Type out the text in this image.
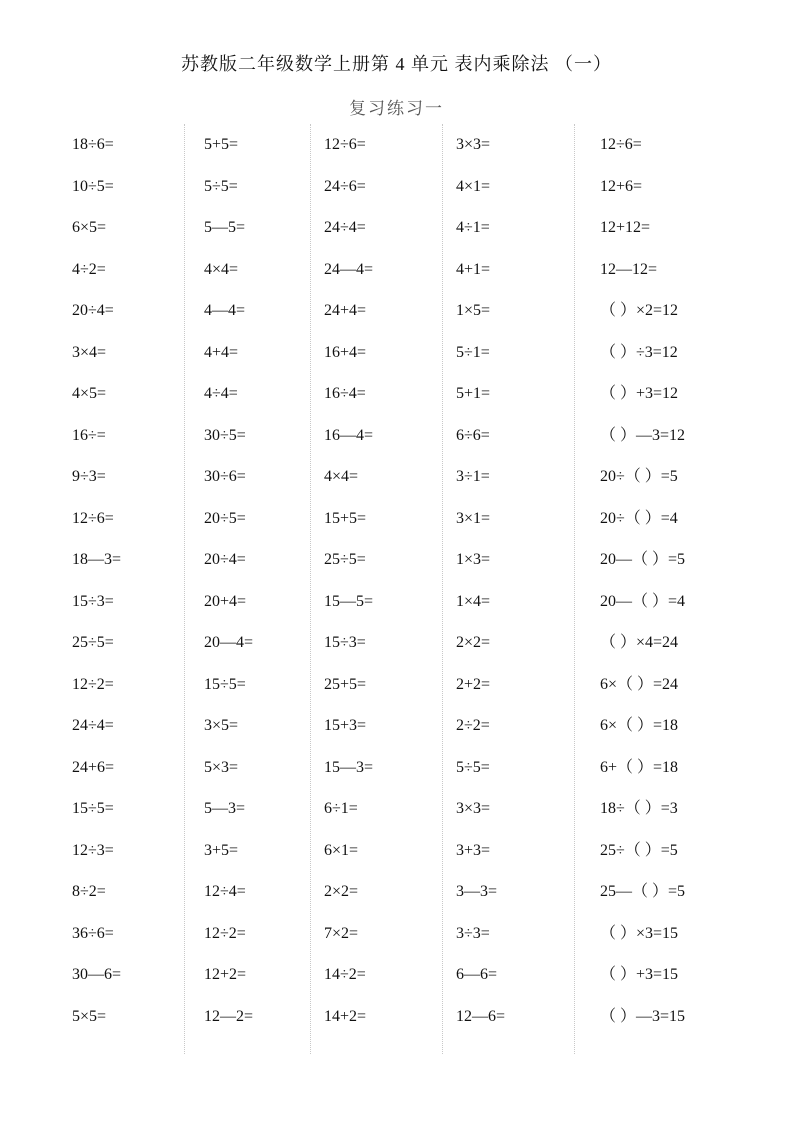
苏教版二年级数学上册第 4 单元 表内乘除法 （一）
复习练习一
18÷6=
10÷5=
6×5=
4÷2=
20÷4=
3×4=
4×5=
16÷=
9÷3=
12÷6=
18—3=
15÷3=
25÷5=
12÷2=
24÷4=
24+6=
15÷5=
12÷3=
8÷2=
36÷6=
30—6=
5×5=
5+5=
5÷5=
5—5=
4×4=
4—4=
4+4=
4÷4=
30÷5=
30÷6=
20÷5=
20÷4=
20+4=
20—4=
15÷5=
3×5=
5×3=
5—3=
3+5=
12÷4=
12÷2=
12+2=
12—2=
12÷6=
24÷6=
24÷4=
24—4=
24+4=
16+4=
16÷4=
16—4=
4×4=
15+5=
25÷5=
15—5=
15÷3=
25+5=
15+3=
15—3=
6÷1=
6×1=
2×2=
7×2=
14÷2=
14+2=
3×3=
4×1=
4÷1=
4+1=
1×5=
5÷1=
5+1=
6÷6=
3÷1=
3×1=
1×3=
1×4=
2×2=
2+2=
2÷2=
5÷5=
3×3=
3+3=
3—3=
3÷3=
6—6=
12—6=
12÷6=
12+6=
12+12=
12—12=
（ ）×2=12
（ ）÷3=12
（ ）+3=12
（ ）—3=12
20÷（ ）=5
20÷（ ）=4
20—（ ）=5
20—（ ）=4
（ ）×4=24
6×（ ）=24
6×（ ）=18
6+（ ）=18
18÷（ ）=3
25÷（ ）=5
25—（ ）=5
（ ）×3=15
（ ）+3=15
（ ）—3=15
